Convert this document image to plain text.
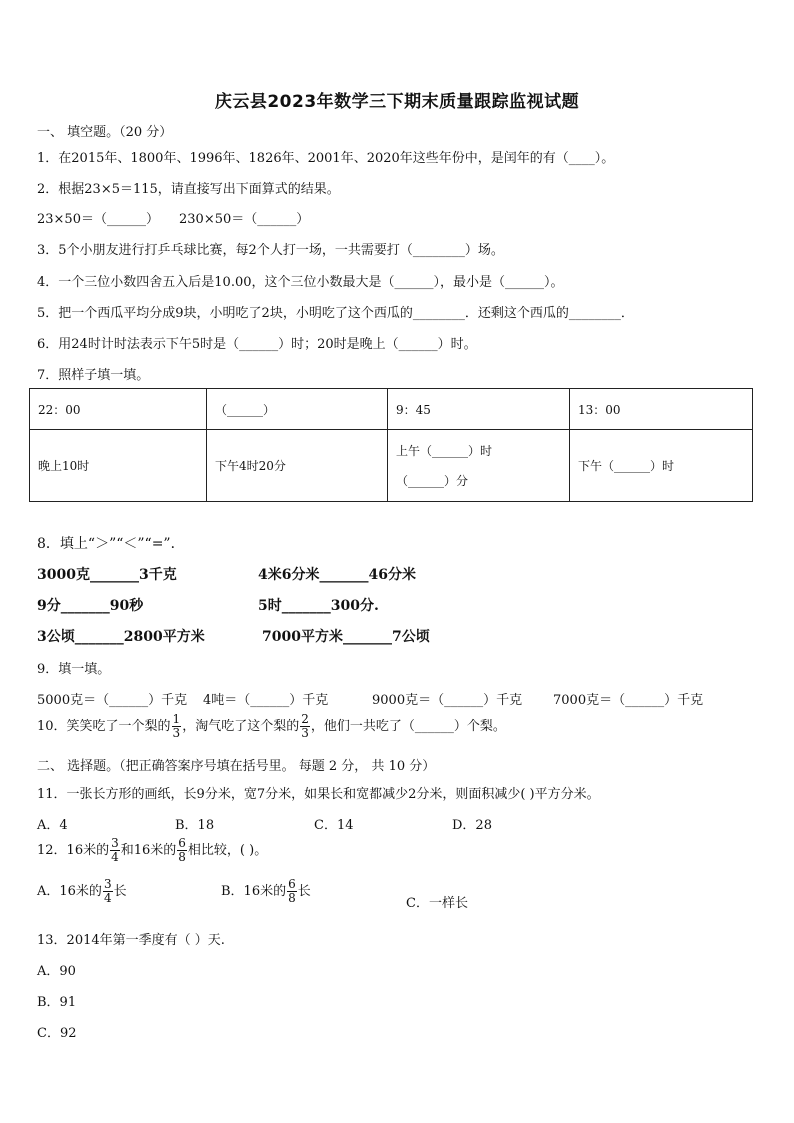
庆云县2023年数学三下期末质量跟踪监视试题
一、 填空题。（20 分）
1．在2015年、1800年、1996年、1826年、2001年、2020年这些年份中，是闰年的有（____）。
2．根据23×5＝115，请直接写出下面算式的结果。
23×50＝（______） 230×50＝（______）
3．5个小朋友进行打乒乓球比赛，每2个人打一场，一共需要打（________）场。
4．一个三位小数四舍五入后是10.00，这个三位小数最大是（______），最小是（______）。
5．把一个西瓜平均分成9块，小明吃了2块，小明吃了这个西瓜的________．还剩这个西瓜的________．
6．用24时计时法表示下午5时是（______）时；20时是晚上（______）时。
7．照样子填一填。
22：00	（______）	9：45	13：00
晚上10时	下午4时20分	上午（______）时
（______）分	下午（______）时
8．填上“＞”“＜”“=”．
3000克_______3千克	4米6分米_______46分米
9分_______90秒	5时_______300分.
3公顷_______2800平方米	7000平方米_______7公顷
9．填一填。
5000克＝（______）千克 4吨＝（______）千克	9000克＝（______）千克 7000克＝（______）千克
10．笑笑吃了一个梨的 $\frac{1}{3}$ ，淘气吃了这个梨的 $\frac{2}{3}$ ，他们一共吃了（______）个梨。
二、 选择题。（把正确答案序号填在括号里。 每题 2 分， 共 10 分）
11．一张长方形的画纸，长9分米，宽7分米，如果长和宽都减少2分米，则面积减少( )平方分米。
A．4	B．18	C．14	D．28
12．16米的 $\frac{3}{4}$ 和16米的 $\frac{6}{8}$ 相比较，( )。
A．16米的 $\frac{3}{4}$ 长	B．16米的 $\frac{6}{8}$ 长
C．一样长
13．2014年第一季度有（ ）天.
A．90
B．91
C．92
